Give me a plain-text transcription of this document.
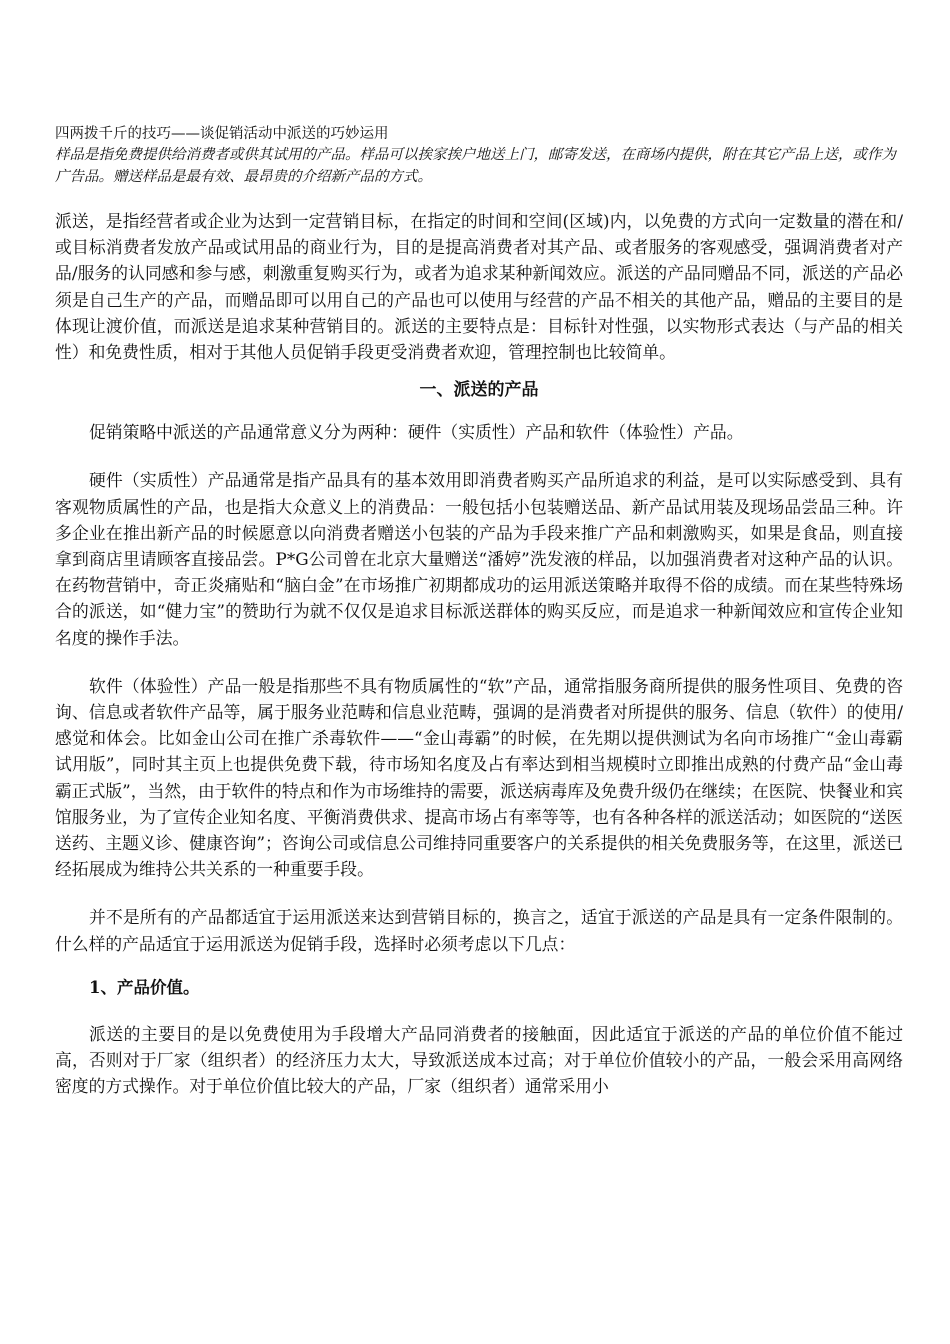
四两拨千斤的技巧——谈促销活动中派送的巧妙运用

样品是指免费提供给消费者或供其试用的产品。样品可以挨家挨户地送上门，邮寄发送，在商场内提供，附在其它产品上送，或作为广告品。赠送样品是最有效、最昂贵的介绍新产品的方式。

派送，是指经营者或企业为达到一定营销目标，在指定的时间和空间(区域)内，以免费的方式向一定数量的潜在和/或目标消费者发放产品或试用品的商业行为，目的是提高消费者对其产品、或者服务的客观感受，强调消费者对产品/服务的认同感和参与感，刺激重复购买行为，或者为追求某种新闻效应。派送的产品同赠品不同，派送的产品必须是自己生产的产品，而赠品即可以用自己的产品也可以使用与经营的产品不相关的其他产品，赠品的主要目的是体现让渡价值，而派送是追求某种营销目的。派送的主要特点是：目标针对性强，以实物形式表达（与产品的相关性）和免费性质，相对于其他人员促销手段更受消费者欢迎，管理控制也比较简单。

一、派送的产品

促销策略中派送的产品通常意义分为两种：硬件（实质性）产品和软件（体验性）产品。

硬件（实质性）产品通常是指产品具有的基本效用即消费者购买产品所追求的利益，是可以实际感受到、具有客观物质属性的产品，也是指大众意义上的消费品：一般包括小包装赠送品、新产品试用装及现场品尝品三种。许多企业在推出新产品的时候愿意以向消费者赠送小包装的产品为手段来推广产品和刺激购买，如果是食品，则直接拿到商店里请顾客直接品尝。P*G公司曾在北京大量赠送“潘婷”洗发液的样品，以加强消费者对这种产品的认识。在药物营销中，奇正炎痛贴和“脑白金”在市场推广初期都成功的运用派送策略并取得不俗的成绩。而在某些特殊场合的派送，如“健力宝”的赞助行为就不仅仅是追求目标派送群体的购买反应，而是追求一种新闻效应和宣传企业知名度的操作手法。

软件（体验性）产品一般是指那些不具有物质属性的“软”产品，通常指服务商所提供的服务性项目、免费的咨询、信息或者软件产品等，属于服务业范畴和信息业范畴，强调的是消费者对所提供的服务、信息（软件）的使用/感觉和体会。比如金山公司在推广杀毒软件——“金山毒霸”的时候，在先期以提供测试为名向市场推广“金山毒霸试用版”，同时其主页上也提供免费下载，待市场知名度及占有率达到相当规模时立即推出成熟的付费产品“金山毒霸正式版”，当然，由于软件的特点和作为市场维持的需要，派送病毒库及免费升级仍在继续；在医院、快餐业和宾馆服务业，为了宣传企业知名度、平衡消费供求、提高市场占有率等等，也有各种各样的派送活动；如医院的“送医送药、主题义诊、健康咨询”；咨询公司或信息公司维持同重要客户的关系提供的相关免费服务等，在这里，派送已经拓展成为维持公共关系的一种重要手段。

并不是所有的产品都适宜于运用派送来达到营销目标的，换言之，适宜于派送的产品是具有一定条件限制的。什么样的产品适宜于运用派送为促销手段，选择时必须考虑以下几点：

1、产品价值。

派送的主要目的是以免费使用为手段增大产品同消费者的接触面，因此适宜于派送的产品的单位价值不能过高，否则对于厂家（组织者）的经济压力太大，导致派送成本过高；对于单位价值较小的产品，一般会采用高网络密度的方式操作。对于单位价值比较大的产品，厂家（组织者）通常采用小
